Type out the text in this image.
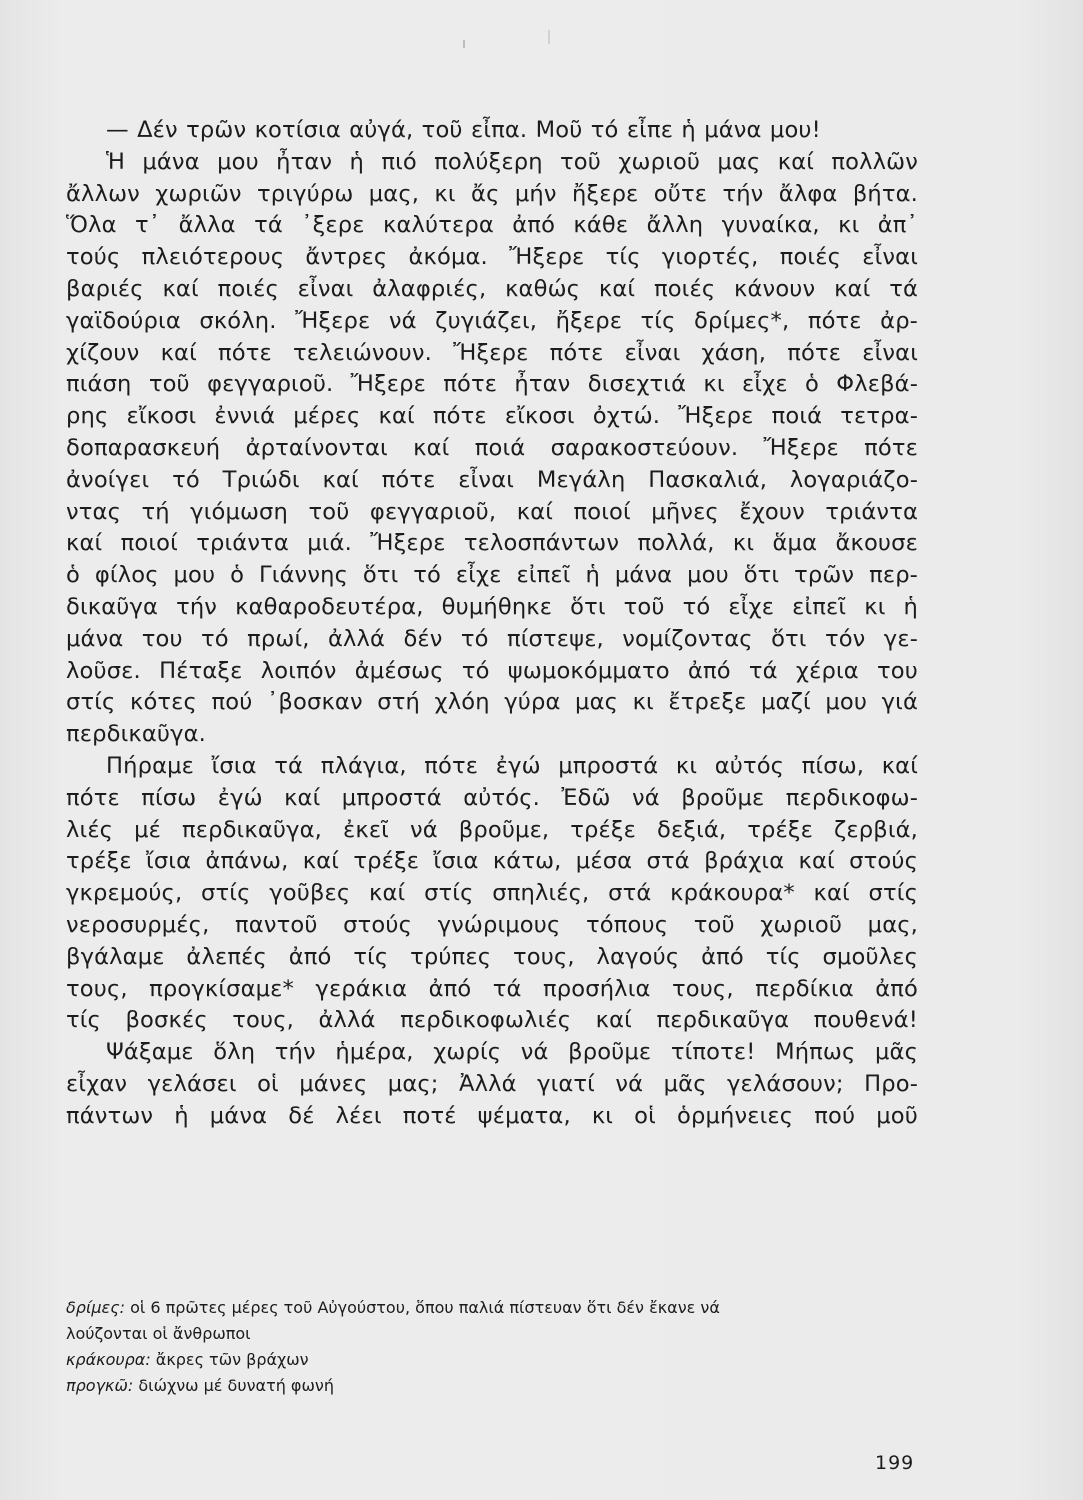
— Δέν τρῶν κοτίσια αὐγά, τοῦ εἶπα. Μοῦ τό εἶπε ἡ μάνα μου!
Ἡ μάνα μου ἦταν ἡ πιό πολύξερη τοῦ χωριοῦ μας καί πολλῶν
ἄλλων χωριῶν τριγύρω μας, κι ἄς μήν ἤξερε οὔτε τήν ἄλφα βήτα.
Ὅλα τ᾽ ἄλλα τά ᾽ξερε καλύτερα ἀπό κάθε ἄλλη γυναίκα, κι ἀπ᾽
τούς πλειότερους ἄντρες ἀκόμα. Ἤξερε τίς γιορτές, ποιές εἶναι
βαριές καί ποιές εἶναι ἀλαφριές, καθώς καί ποιές κάνουν καί τά
γαϊδούρια σκόλη. Ἤξερε νά ζυγιάζει, ἤξερε τίς δρίμες*, πότε ἀρ-
χίζουν καί πότε τελειώνουν. Ἤξερε πότε εἶναι χάση, πότε εἶναι
πιάση τοῦ φεγγαριοῦ. Ἤξερε πότε ἦταν δισεχτιά κι εἶχε ὁ Φλεβά-
ρης εἴκοσι ἐννιά μέρες καί πότε εἴκοσι ὀχτώ. Ἤξερε ποιά τετρα-
δοπαρασκευή ἀρταίνονται καί ποιά σαρακοστεύουν. Ἤξερε πότε
ἀνοίγει τό Τριώδι καί πότε εἶναι Μεγάλη Πασκαλιά, λογαριάζο-
ντας τή γιόμωση τοῦ φεγγαριοῦ, καί ποιοί μῆνες ἔχουν τριάντα
καί ποιοί τριάντα μιά. Ἤξερε τελοσπάντων πολλά, κι ἅμα ἄκουσε
ὁ φίλος μου ὁ Γιάννης ὅτι τό εἶχε εἰπεῖ ἡ μάνα μου ὅτι τρῶν περ-
δικαῦγα τήν καθαροδευτέρα, θυμήθηκε ὅτι τοῦ τό εἶχε εἰπεῖ κι ἡ
μάνα του τό πρωί, ἀλλά δέν τό πίστεψε, νομίζοντας ὅτι τόν γε-
λοῦσε. Πέταξε λοιπόν ἀμέσως τό ψωμοκόμματο ἀπό τά χέρια του
στίς κότες πού ᾽βοσκαν στή χλόη γύρα μας κι ἔτρεξε μαζί μου γιά
περδικαῦγα.
Πήραμε ἴσια τά πλάγια, πότε ἐγώ μπροστά κι αὐτός πίσω, καί
πότε πίσω ἐγώ καί μπροστά αὐτός. Ἐδῶ νά βροῦμε περδικοφω-
λιές μέ περδικαῦγα, ἐκεῖ νά βροῦμε, τρέξε δεξιά, τρέξε ζερβιά,
τρέξε ἴσια ἀπάνω, καί τρέξε ἴσια κάτω, μέσα στά βράχια καί στούς
γκρεμούς, στίς γοῦβες καί στίς σπηλιές, στά κράκουρα* καί στίς
νεροσυρμές, παντοῦ στούς γνώριμους τόπους τοῦ χωριοῦ μας,
βγάλαμε ἀλεπές ἀπό τίς τρύπες τους, λαγούς ἀπό τίς σμοῦλες
τους, προγκίσαμε* γεράκια ἀπό τά προσήλια τους, περδίκια ἀπό
τίς βοσκές τους, ἀλλά περδικοφωλιές καί περδικαῦγα πουθενά!
Ψάξαμε ὅλη τήν ἡμέρα, χωρίς νά βροῦμε τίποτε! Μήπως μᾶς
εἶχαν γελάσει οἱ μάνες μας; Ἀλλά γιατί νά μᾶς γελάσουν; Προ-
πάντων ἡ μάνα δέ λέει ποτέ ψέματα, κι οἱ ὁρμήνειες πού μοῦ
δρίμες: οἱ 6 πρῶτες μέρες τοῦ Αὐγούστου, ὅπου παλιά πίστευαν ὅτι δέν ἔκανε νά
λούζονται οἱ ἄνθρωποι
κράκουρα: ἄκρες τῶν βράχων
προγκῶ: διώχνω μέ δυνατή φωνή
199
